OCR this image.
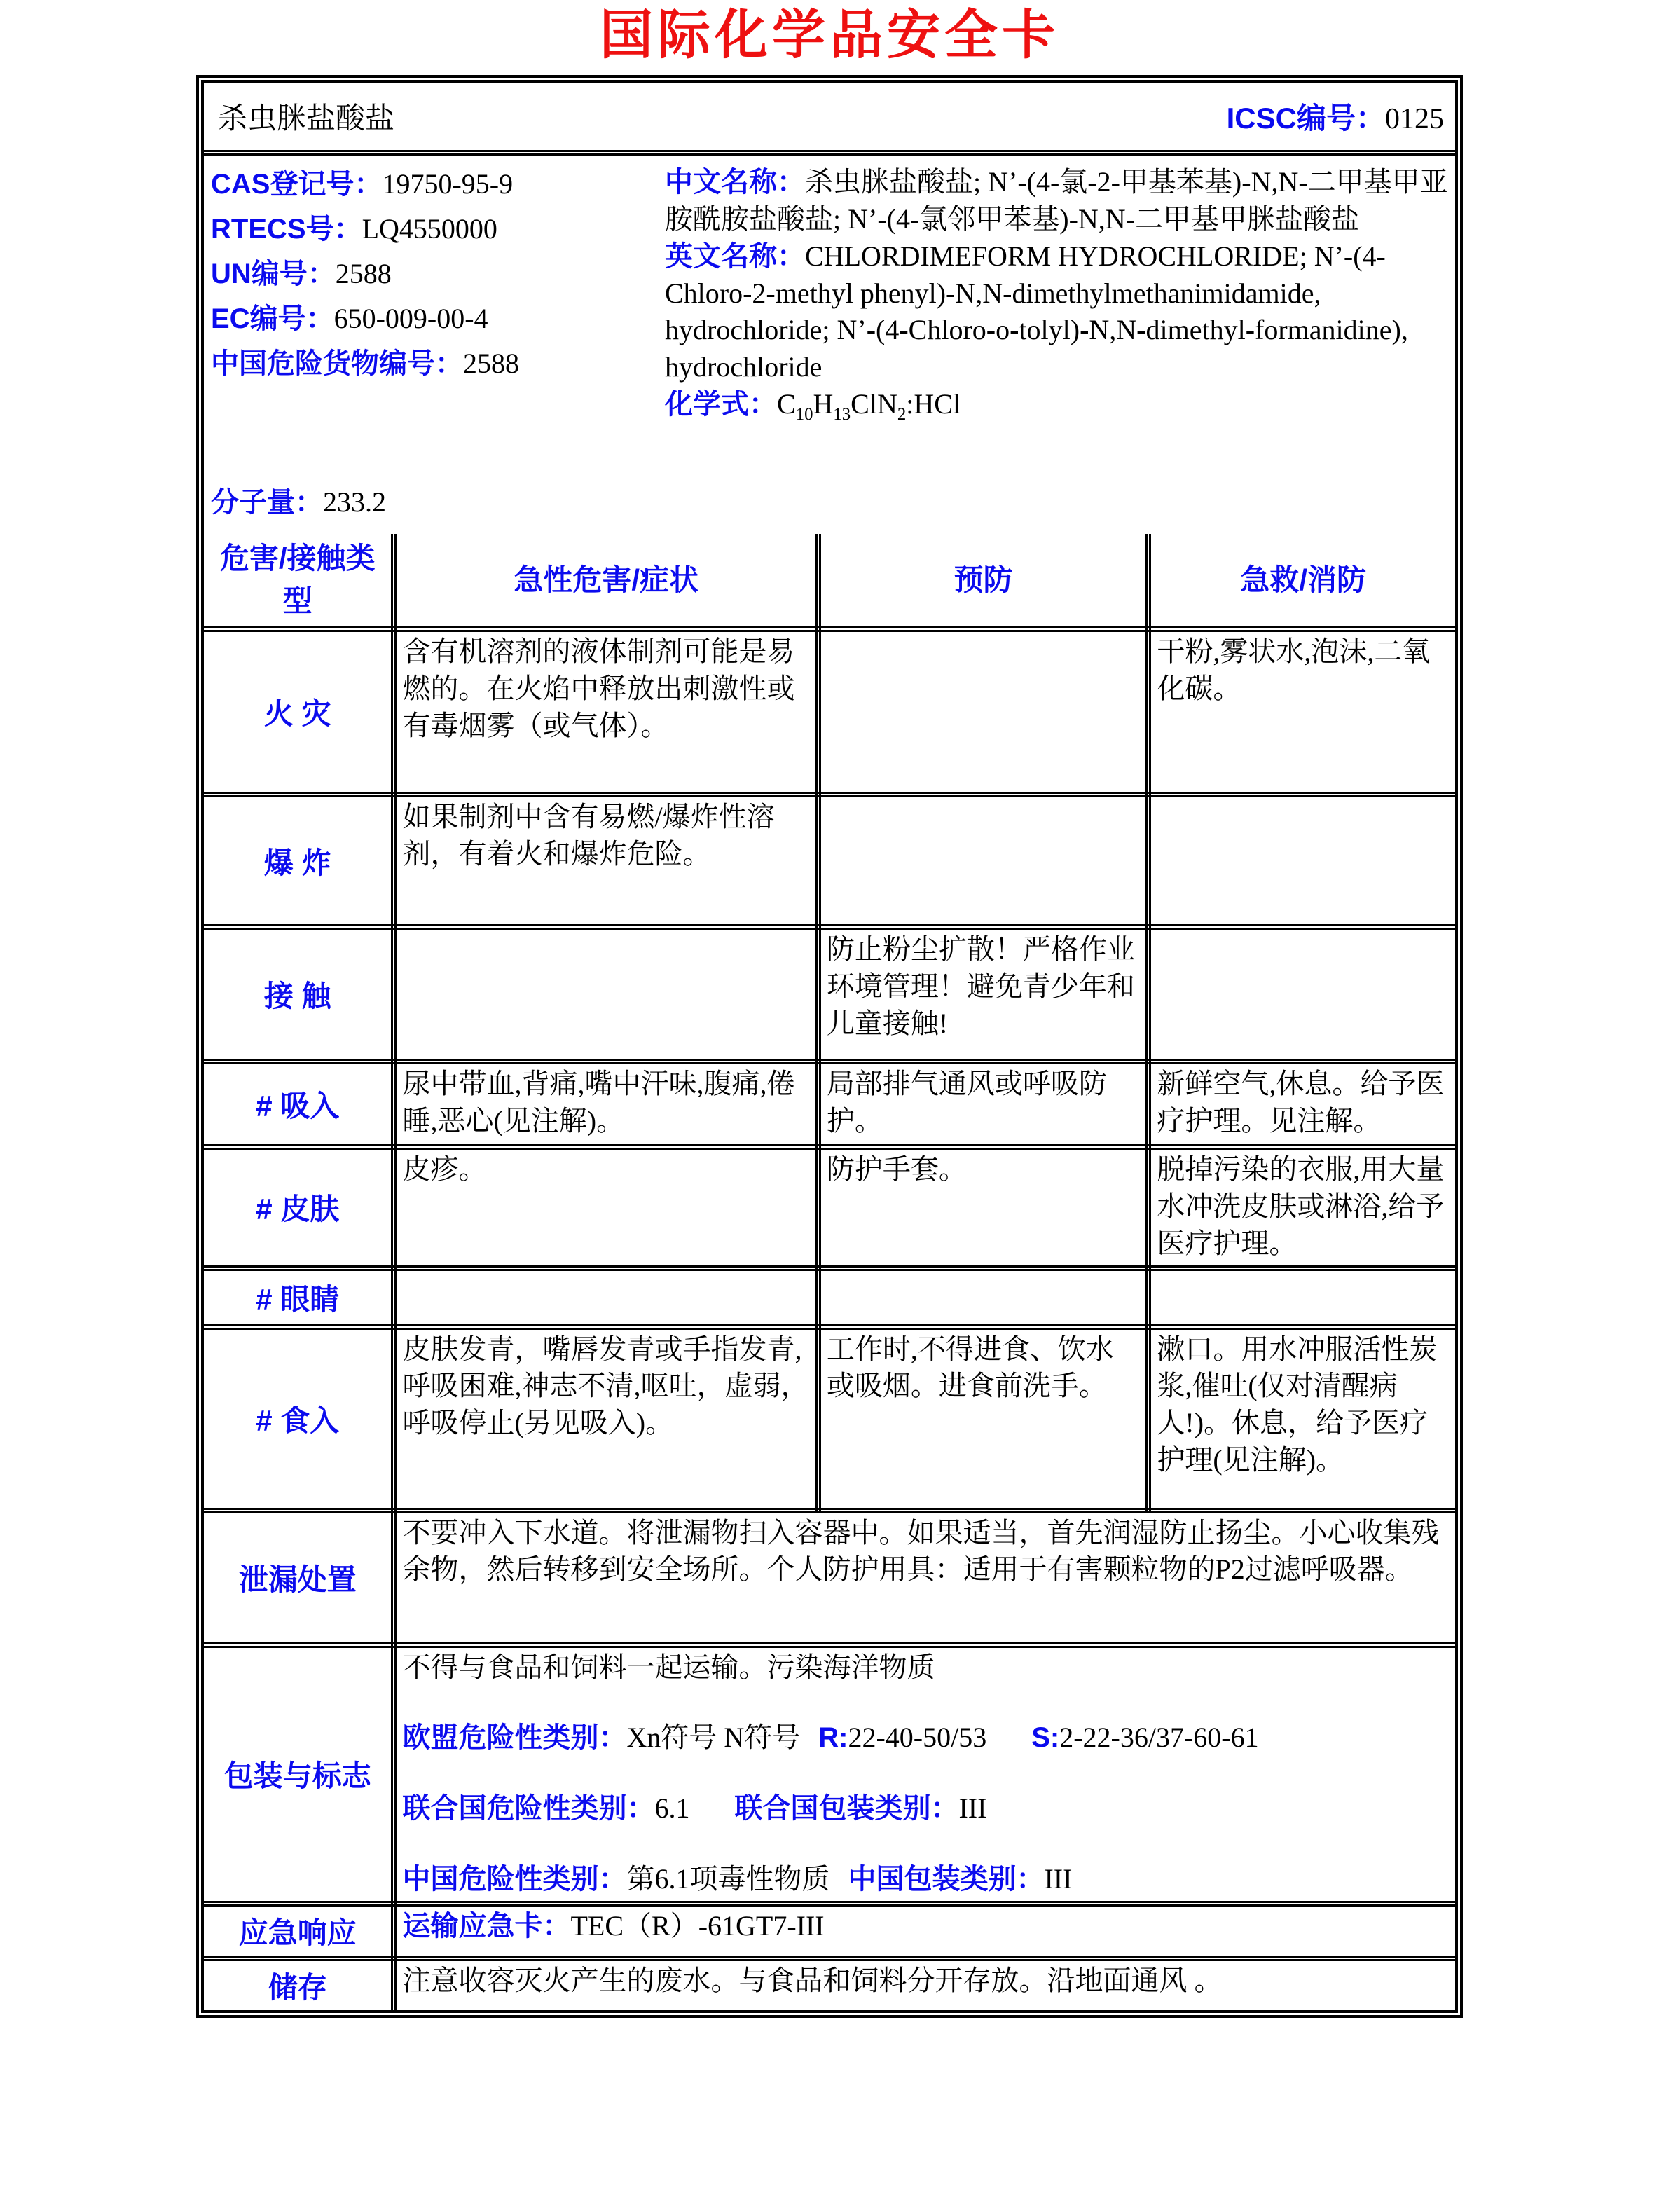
国际化学品安全卡
杀虫脒盐酸盐	ICSC编号：0125
CAS登记号：19750-95-9
RTECS号：LQ4550000
UN编号：2588
EC编号：650-009-00-4
中国危险货物编号：2588
分子量：233.2

中文名称：杀虫脒盐酸盐; N’-(4-氯-2-甲基苯基)-N,N-二甲基甲亚胺酰胺盐酸盐; N’-(4-氯邻甲苯基)-N,N-二甲基甲脒盐酸盐

英文名称：CHLORDIMEFORM HYDROCHLORIDE; N’-(4-Chloro-2-methyl phenyl)-N,N-dimethylmethanimidamide, hydrochloride; N’-(4-Chloro-o-tolyl)-N,N-dimethyl-formanidine), hydrochloride

化学式：$C_{10}H_{13}ClN_2:HCl$

危害/接触类型	急性危害/症状	预防	急救/消防
火 灾	含有机溶剂的液体制剂可能是易燃的。在火焰中释放出刺激性或有毒烟雾（或气体）。		干粉,雾状水,泡沫,二氧化碳。
爆 炸	如果制剂中含有易燃/爆炸性溶剂，有着火和爆炸危险。		
接 触		防止粉尘扩散！严格作业环境管理！避免青少年和儿童接触!	
# 吸入	尿中带血,背痛,嘴中汗味,腹痛,倦睡,恶心(见注解)。	局部排气通风或呼吸防护。	新鲜空气,休息。给予医疗护理。见注解。
# 皮肤	皮疹。	防护手套。	脱掉污染的衣服,用大量水冲洗皮肤或淋浴,给予医疗护理。
# 眼睛			
# 食入	皮肤发青，嘴唇发青或手指发青,呼吸困难,神志不清,呕吐，虚弱，呼吸停止(另见吸入)。	工作时,不得进食、饮水或吸烟。进食前洗手。	漱口。用水冲服活性炭浆,催吐(仅对清醒病人!)。休息，给予医疗护理(见注解)。
泄漏处置	不要冲入下水道。将泄漏物扫入容器中。如果适当，首先润湿防止扬尘。小心收集残余物，然后转移到安全场所。个人防护用具：适用于有害颗粒物的P2过滤呼吸器。		
包装与标志	不得与食品和饲料一起运输。污染海洋物质

欧盟危险性类别：Xn符号 N符号 R:22-40-50/53 S:2-22-36/37-60-61

联合国危险性类别：6.1 联合国包装类别：III

中国危险性类别：第6.1项毒性物质 中国包装类别：III		

应急响应	运输应急卡：TEC（R）-61GT7-III		
储存	注意收容灭火产生的废水。与食品和饲料分开存放。沿地面通风 。		
